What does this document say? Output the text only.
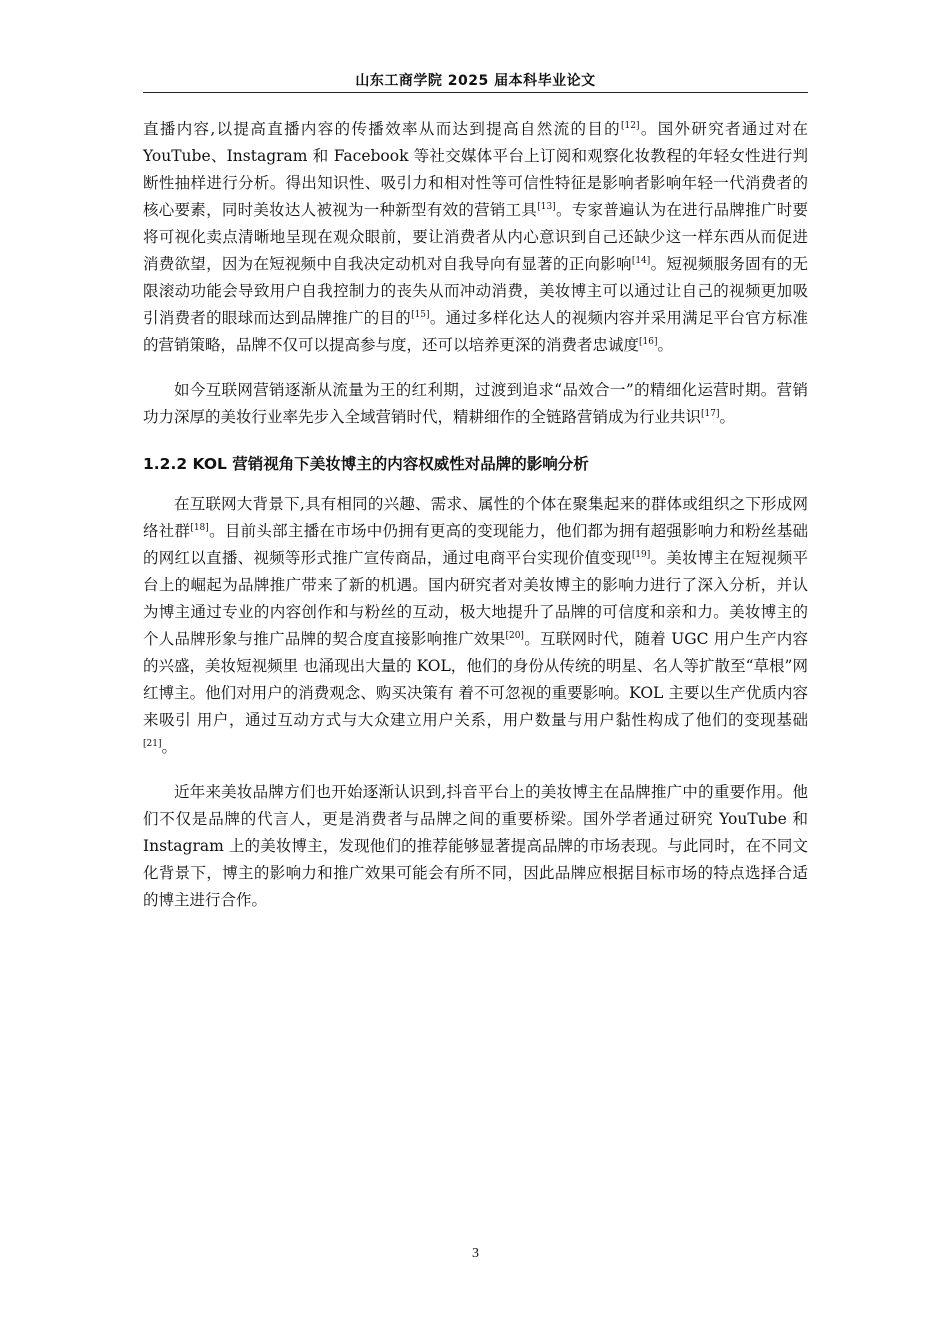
山东工商学院 2025 届本科毕业论文

直播内容,以提高直播内容的传播效率从而达到提高自然流的目的[12]。国外研究者通过对在 YouTube、Instagram 和 Facebook 等社交媒体平台上订阅和观察化妆教程的年轻女性进行判断性抽样进行分析。得出知识性、吸引力和相对性等可信性特征是影响者影响年轻一代消费者的核心要素，同时美妆达人被视为一种新型有效的营销工具[13]。专家普遍认为在进行品牌推广时要将可视化卖点清晰地呈现在观众眼前，要让消费者从内心意识到自己还缺少这一样东西从而促进消费欲望，因为在短视频中自我决定动机对自我导向有显著的正向影响[14]。短视频服务固有的无限滚动功能会导致用户自我控制力的丧失从而冲动消费，美妆博主可以通过让自己的视频更加吸引消费者的眼球而达到品牌推广的目的[15]。通过多样化达人的视频内容并采用满足平台官方标准的营销策略，品牌不仅可以提高参与度，还可以培养更深的消费者忠诚度[16]。

如今互联网营销逐渐从流量为王的红利期，过渡到追求“品效合一”的精细化运营时期。营销功力深厚的美妆行业率先步入全域营销时代，精耕细作的全链路营销成为行业共识[17]。

1.2.2 KOL 营销视角下美妆博主的内容权威性对品牌的影响分析

在互联网大背景下,具有相同的兴趣、需求、属性的个体在聚集起来的群体或组织之下形成网络社群[18]。目前头部主播在市场中仍拥有更高的变现能力，他们都为拥有超强影响力和粉丝基础的网红以直播、视频等形式推广宣传商品，通过电商平台实现价值变现[19]。美妆博主在短视频平台上的崛起为品牌推广带来了新的机遇。国内研究者对美妆博主的影响力进行了深入分析，并认为博主通过专业的内容创作和与粉丝的互动，极大地提升了品牌的可信度和亲和力。美妆博主的个人品牌形象与推广品牌的契合度直接影响推广效果[20]。互联网时代，随着 UGC 用户生产内容的兴盛，美妆短视频里 也涌现出大量的 KOL，他们的身份从传统的明星、名人等扩散至“草根”网红博主。他们对用户的消费观念、购买决策有 着不可忽视的重要影响。KOL 主要以生产优质内容来吸引 用户，通过互动方式与大众建立用户关系，用户数量与用户黏性构成了他们的变现基础[21]。

近年来美妆品牌方们也开始逐渐认识到,抖音平台上的美妆博主在品牌推广中的重要作用。他们不仅是品牌的代言人，更是消费者与品牌之间的重要桥梁。国外学者通过研究 YouTube 和 Instagram 上的美妆博主，发现他们的推荐能够显著提高品牌的市场表现。与此同时，在不同文化背景下，博主的影响力和推广效果可能会有所不同，因此品牌应根据目标市场的特点选择合适的博主进行合作。

3
